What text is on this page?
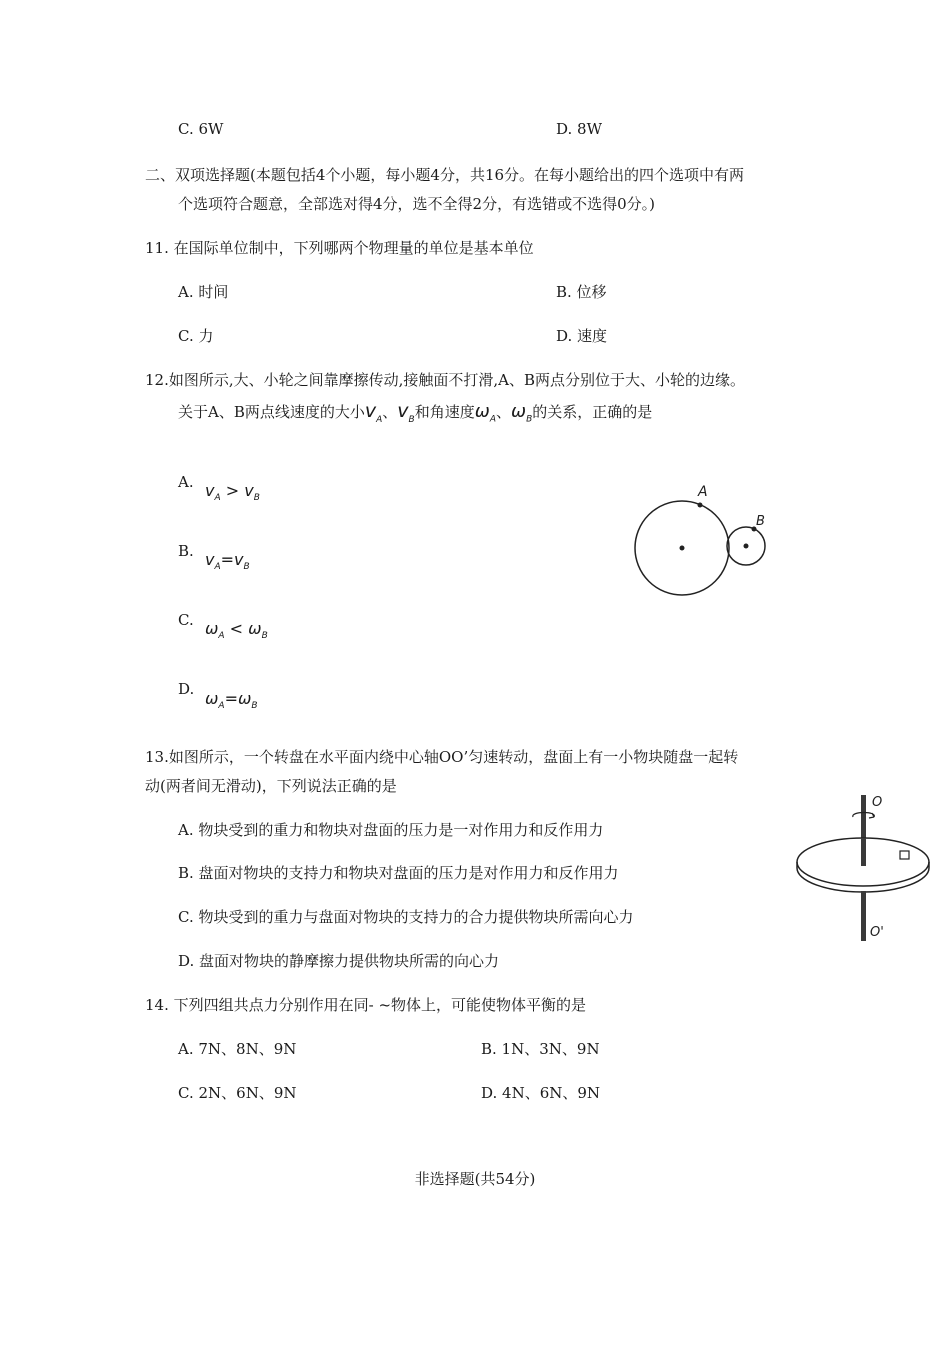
C. 6W	D. 8W
二、双项选择题(本题包括4个小题，每小题4分，共16分。在每小题给出的四个选项中有两
个选项符合题意，全部选对得4分，选不全得2分，有选错或不选得0分。)
11. 在国际单位制中，下列哪两个物理量的单位是基本单位
A. 时间	B. 位移
C. 力	D. 速度
12.如图所示,大、小轮之间靠摩擦传动,接触面不打滑,A、B两点分别位于大、小轮的边缘。
关于A、B两点线速度的大小$v_A$、$v_B$和角速度$\omega_A$、$\omega_B$的关系，正确的是
A. $v_A > v_B$
B. $v_A=v_B$
C. $\omega_A < \omega_B$
D. $\omega_A=\omega_B$
A
B
13.如图所示，一个转盘在水平面内绕中心轴OO’匀速转动，盘面上有一小物块随盘一起转
动(两者间无滑动)，下列说法正确的是
A. 物块受到的重力和物块对盘面的压力是一对作用力和反作用力
B. 盘面对物块的支持力和物块对盘面的压力是对作用力和反作用力
C. 物块受到的重力与盘面对物块的支持力的合力提供物块所需向心力
D. 盘面对物块的静摩擦力提供物块所需的向心力
O
O'
14. 下列四组共点力分别作用在同- ~物体上，可能使物体平衡的是
A. 7N、8N、9N	B. 1N、3N、9N
C. 2N、6N、9N	D. 4N、6N、9N
非选择题(共54分)
